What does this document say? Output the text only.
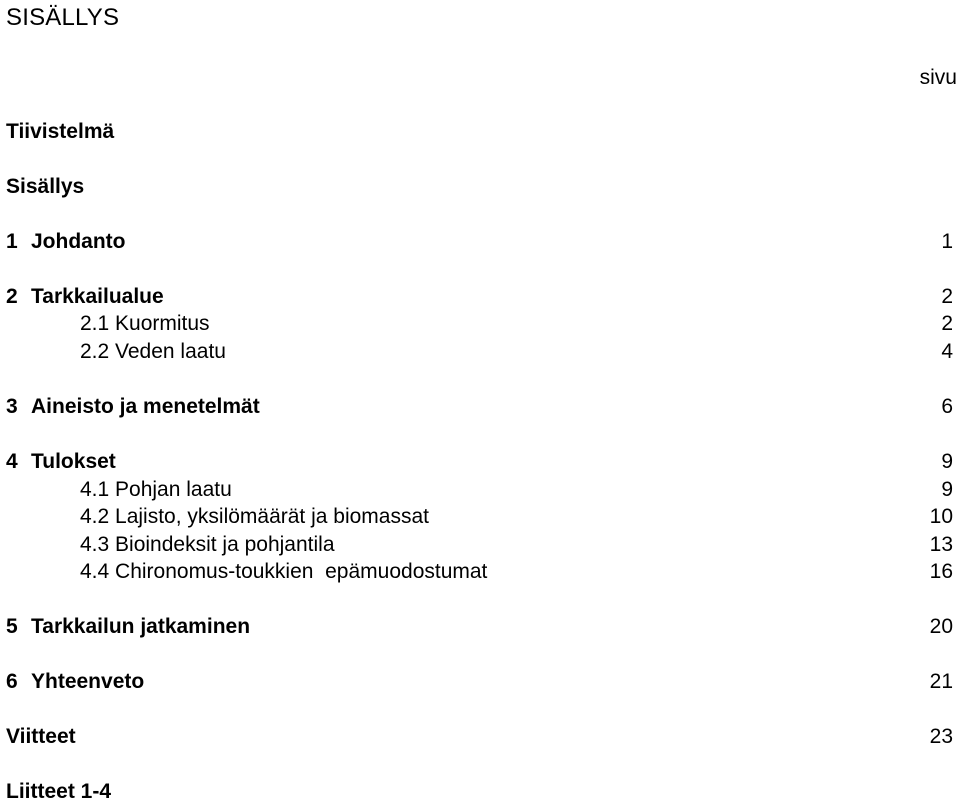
SISÄLLYS
sivu
Tiivistelmä
Sisällys
1 Johdanto	1
2 Tarkkailualue	2
2.1 Kuormitus	2
2.2 Veden laatu	4
3 Aineisto ja menetelmät	6
4 Tulokset	9
4.1 Pohjan laatu	9
4.2 Lajisto, yksilömäärät ja biomassat	10
4.3 Bioindeksit ja pohjantila	13
4.4 Chironomus-toukkien  epämuodostumat	16
5 Tarkkailun jatkaminen	20
6 Yhteenveto	21
Viitteet	23
Liitteet 1-4
